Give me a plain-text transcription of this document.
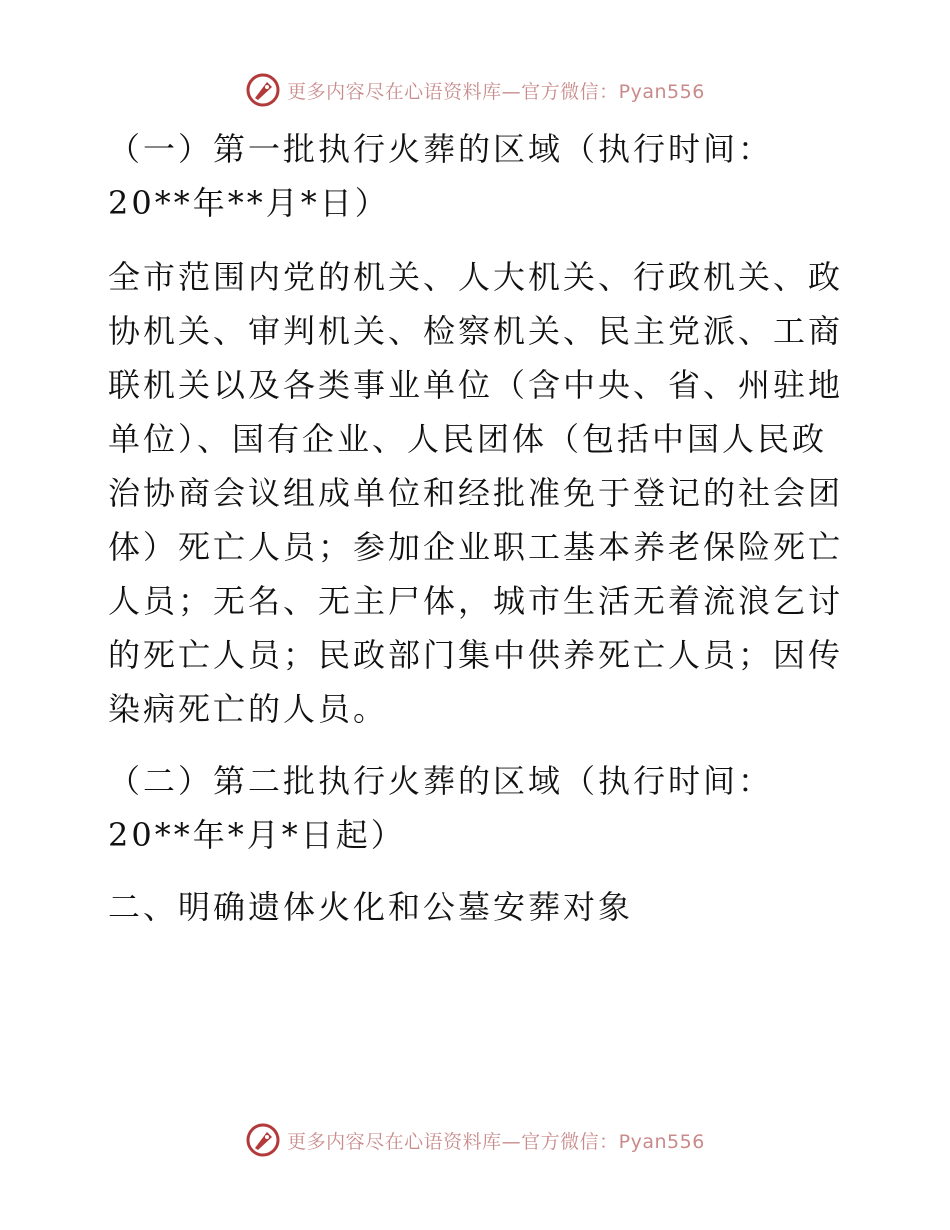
更多内容尽在心语资料库—官方微信：Pyan556

（一）第一批执行火葬的区域（执行时间：20**年**月*日）

全市范围内党的机关、人大机关、行政机关、政协机关、审判机关、检察机关、民主党派、工商联机关以及各类事业单位（含中央、省、州驻地单位）、国有企业、人民团体（包括中国人民政治协商会议组成单位和经批准免于登记的社会团体）死亡人员；参加企业职工基本养老保险死亡人员；无名、无主尸体，城市生活无着流浪乞讨的死亡人员；民政部门集中供养死亡人员；因传染病死亡的人员。

（二）第二批执行火葬的区域（执行时间：20**年*月*日起）

二、明确遗体火化和公墓安葬对象

更多内容尽在心语资料库—官方微信：Pyan556
